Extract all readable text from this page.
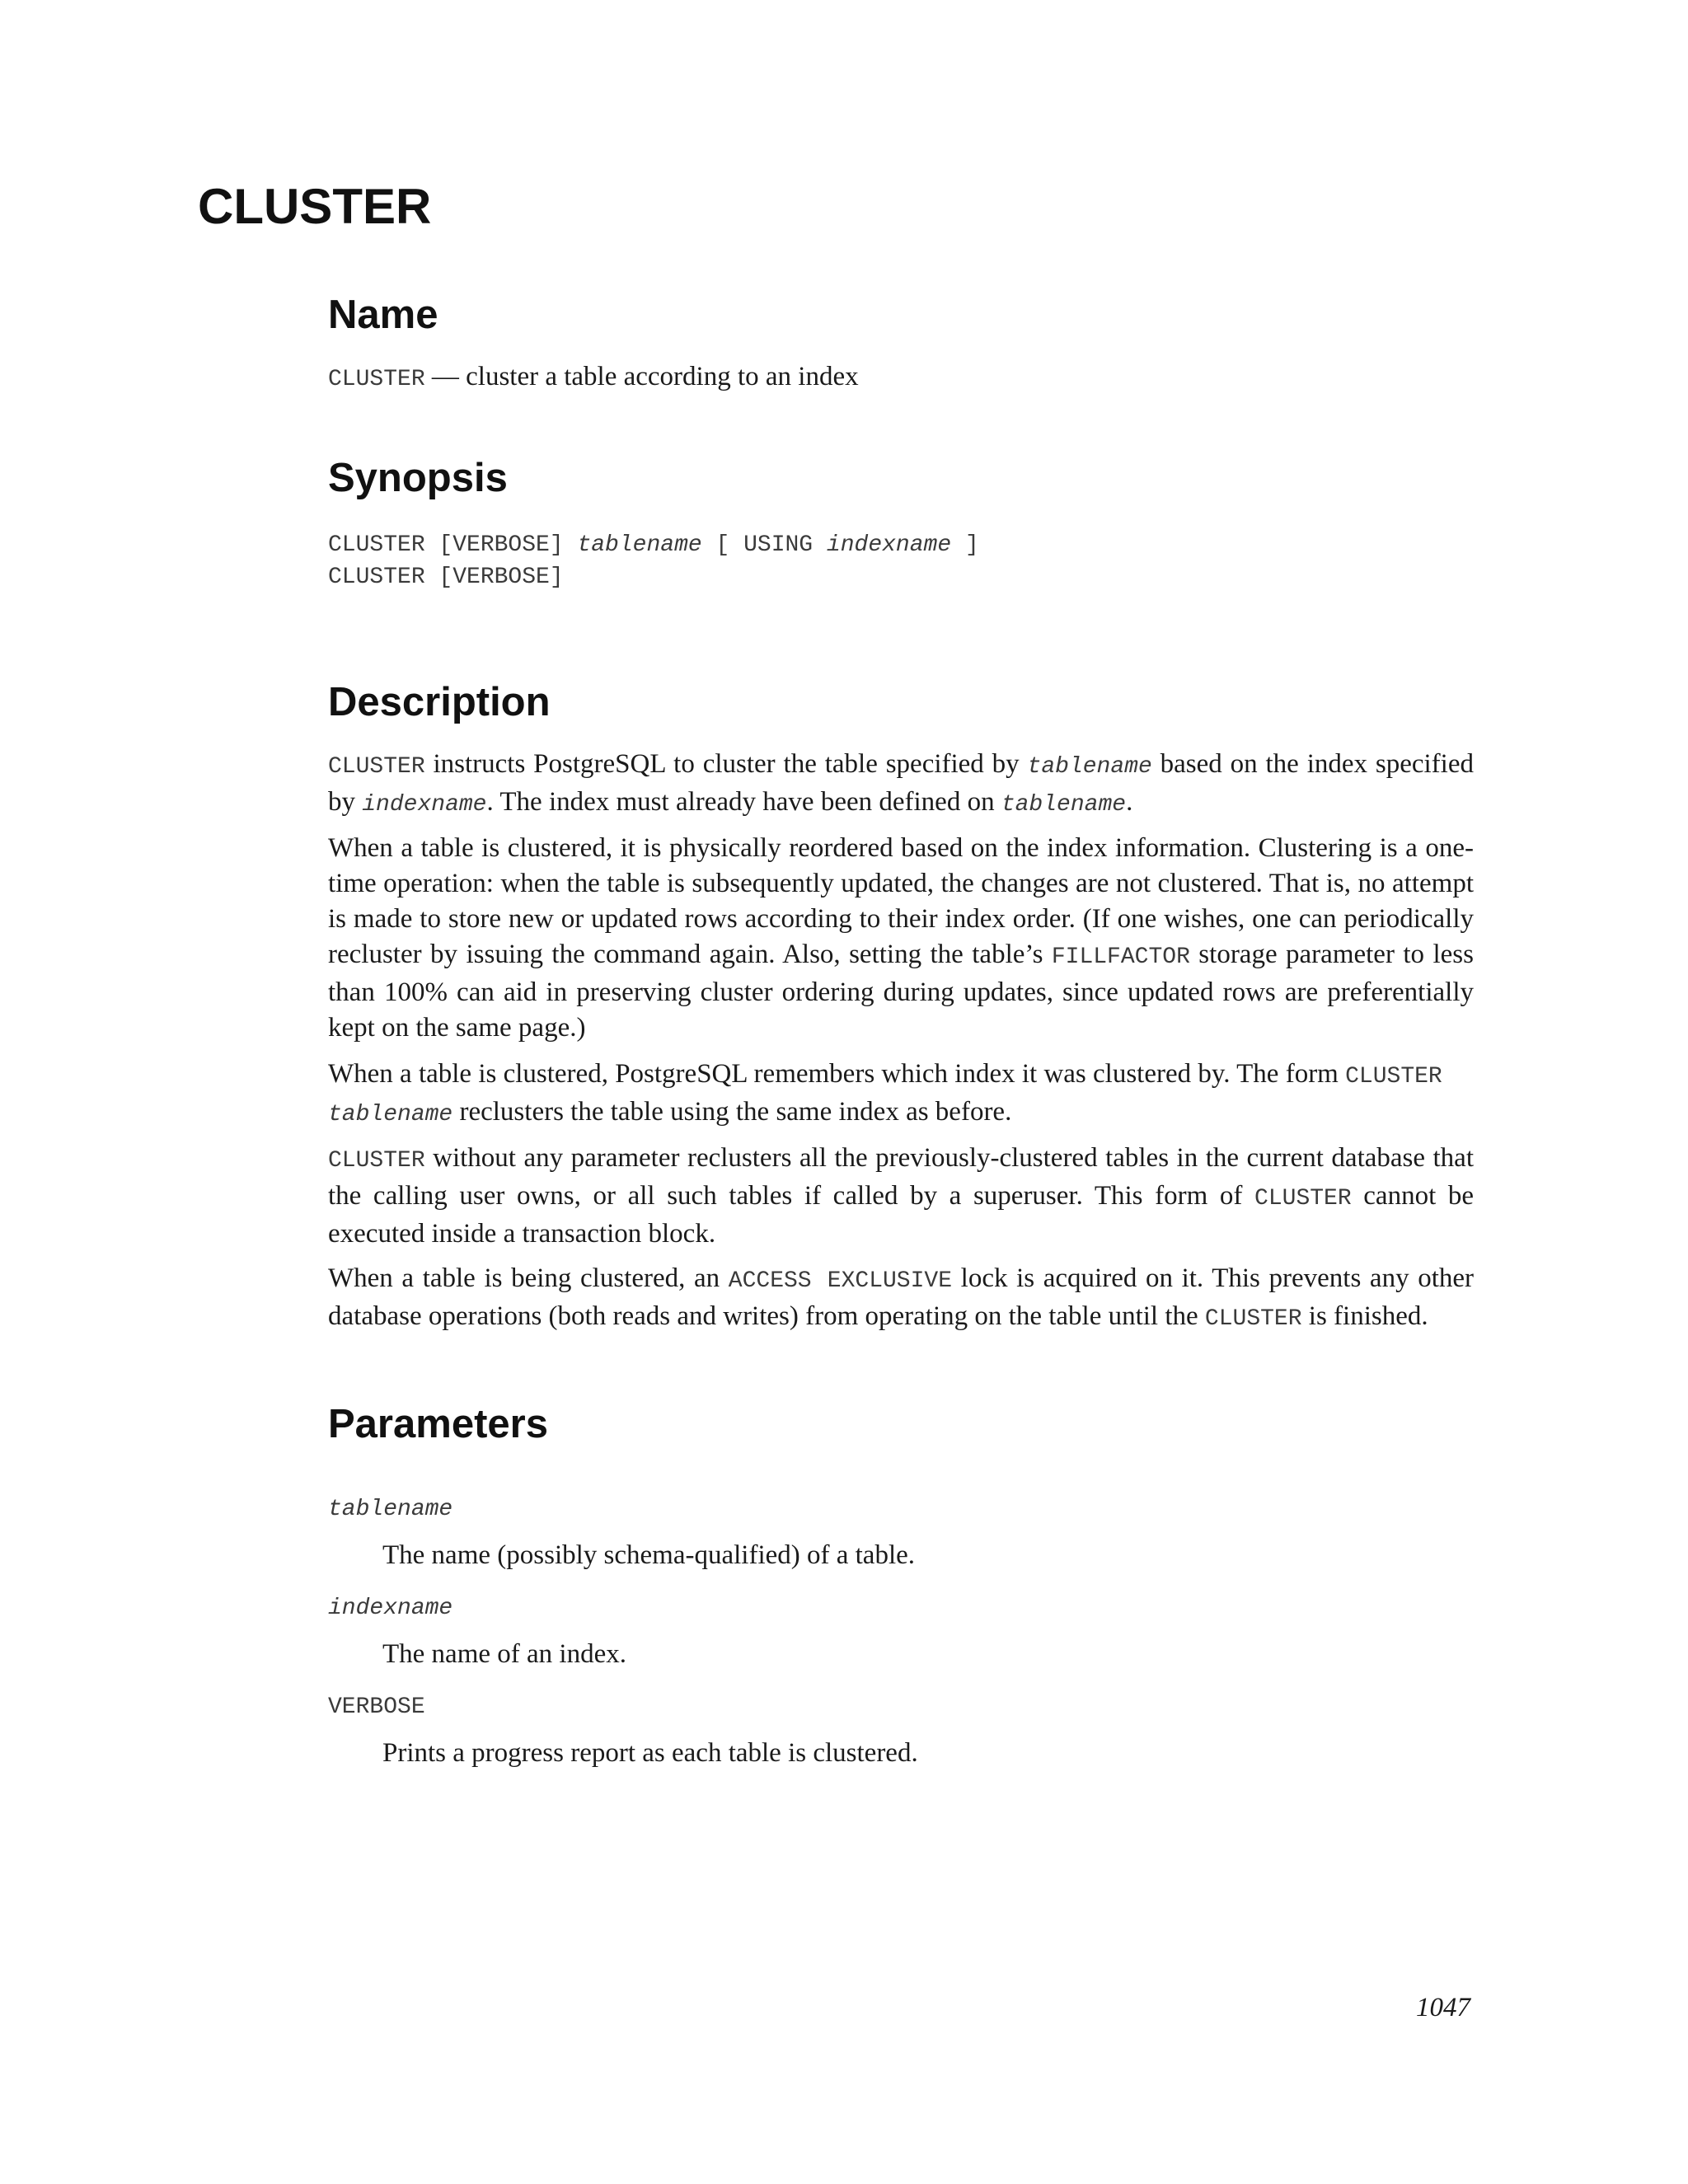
CLUSTER
Name

CLUSTER — cluster a table according to an index

Synopsis
CLUSTER [VERBOSE] tablename [ USING indexname ]
CLUSTER [VERBOSE]
Description

CLUSTER instructs PostgreSQL to cluster the table specified by tablename based on the index specified by indexname. The index must already have been defined on tablename.

When a table is clustered, it is physically reordered based on the index information. Clustering is a one-time operation: when the table is subsequently updated, the changes are not clustered. That is, no attempt is made to store new or updated rows according to their index order. (If one wishes, one can periodically recluster by issuing the command again. Also, setting the table’s FILLFACTOR storage parameter to less than 100% can aid in preserving cluster ordering during updates, since updated rows are preferentially kept on the same page.)

When a table is clustered, PostgreSQL remembers which index it was clustered by. The form CLUSTER
tablename reclusters the table using the same index as before.

CLUSTER without any parameter reclusters all the previously-clustered tables in the current database that the calling user owns, or all such tables if called by a superuser. This form of CLUSTER cannot be executed inside a transaction block.

When a table is being clustered, an ACCESS EXCLUSIVE lock is acquired on it. This prevents any other database operations (both reads and writes) from operating on the table until the CLUSTER is finished.

Parameters

tablename

The name (possibly schema-qualified) of a table.

indexname

The name of an index.

VERBOSE

Prints a progress report as each table is clustered.

1047
